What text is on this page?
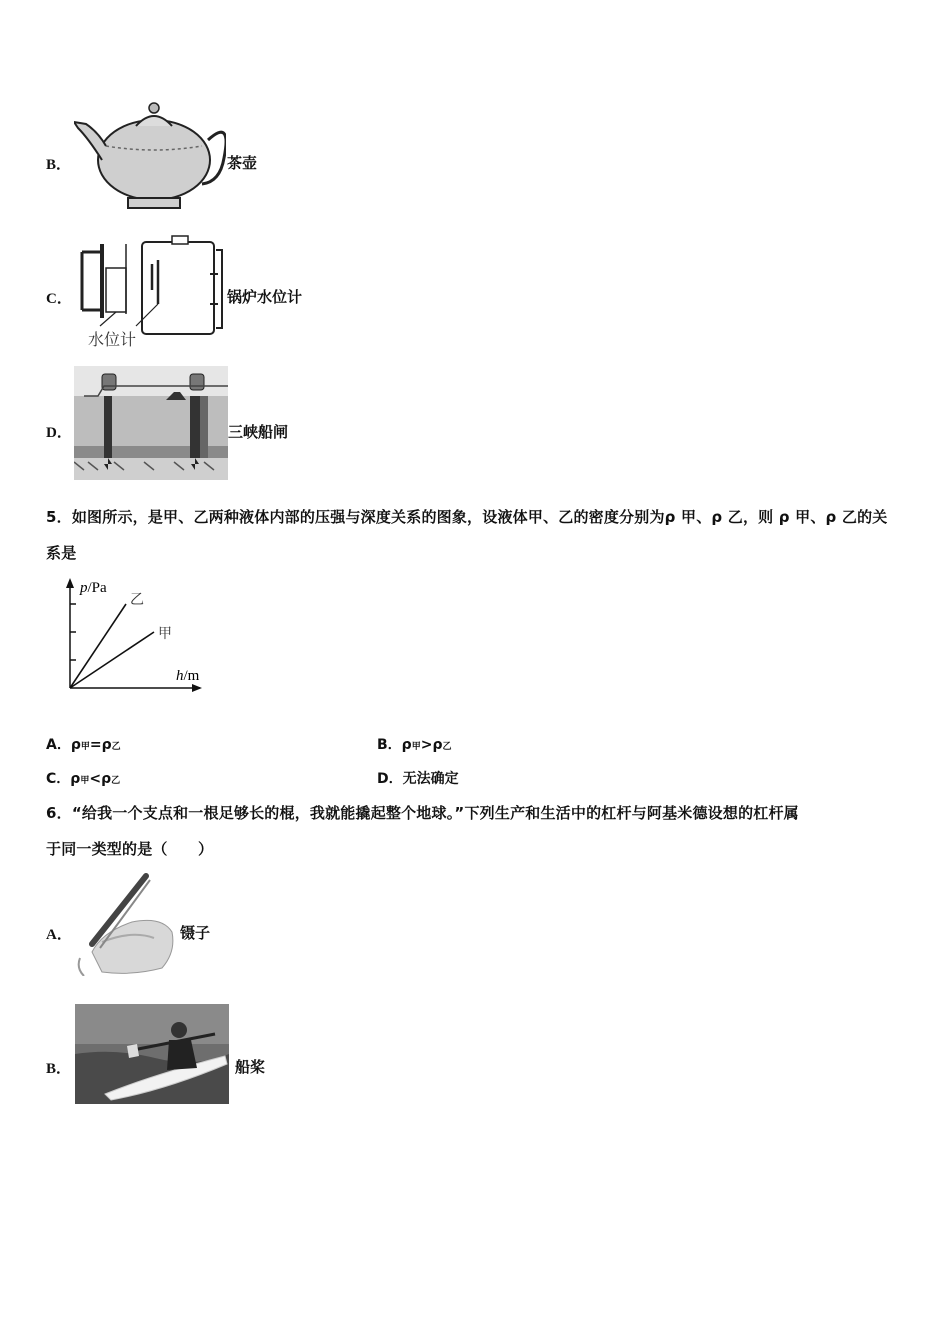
B．	茶壶
C．
水位计
锅炉水位计
D．	三峡船闸
5．如图所示，是甲、乙两种液体内部的压强与深度关系的图象，设液体甲、乙的密度分别为ρ 甲、ρ 乙，则 ρ 甲、ρ 乙的关
系是
乙
甲
p/Pa
h/m
A．ρ甲=ρ乙	B．ρ甲>ρ乙
C．ρ甲<ρ乙	D．无法确定
6．“给我一个支点和一根足够长的棍，我就能撬起整个地球。”下列生产和生活中的杠杆与阿基米德设想的杠杆属
于同一类型的是（　　）
A．	镊子
B．	船桨
